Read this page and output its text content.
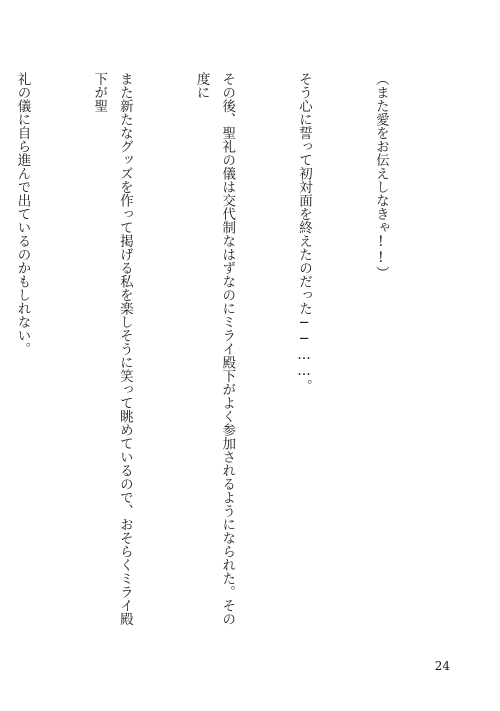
（また愛をお伝えしなきゃ!!）

そう心に誓って初対面を終えたのだった──……。

その後、聖礼の儀は交代制なはずなのにミライ殿下がよく参加されるようになられた。その度に

また新たなグッズを作って掲げる私を楽しそうに笑って眺めているので、おそらくミライ殿下が聖

礼の儀に自ら進んで出ているのかもしれない。

24
